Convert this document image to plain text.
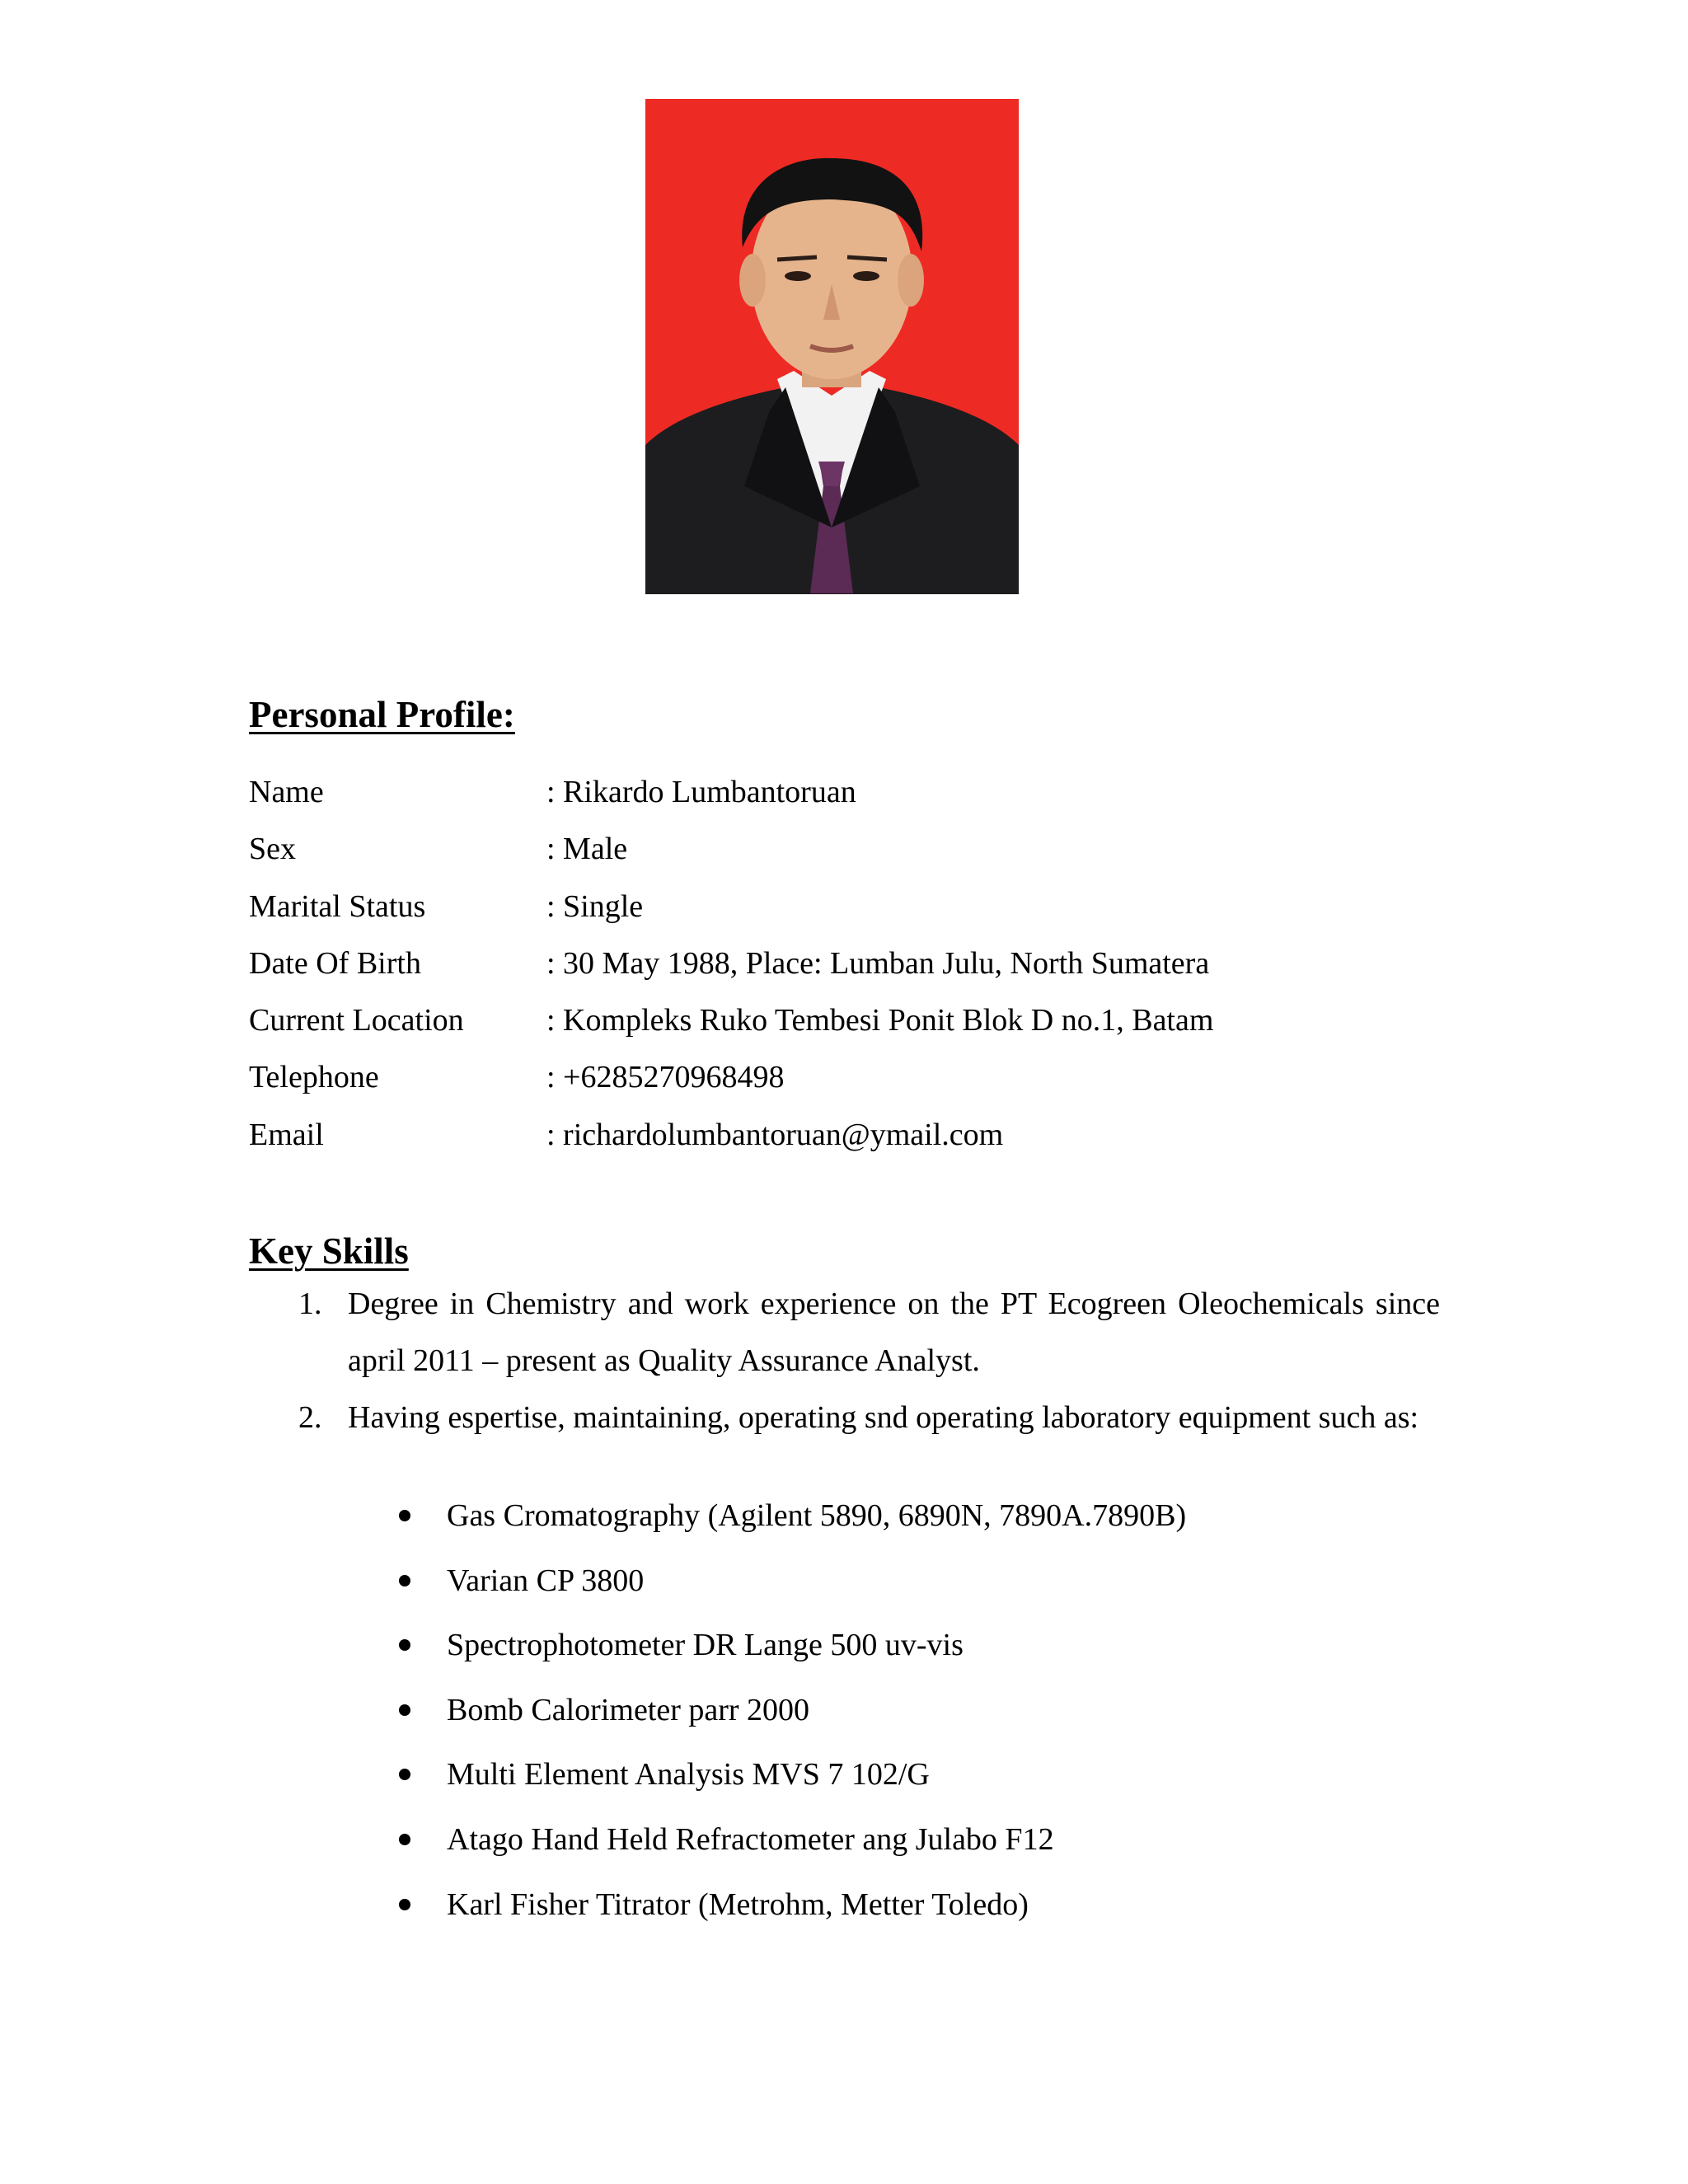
Personal Profile:
Name	: Rikardo Lumbantoruan
Sex	: Male
Marital Status	: Single
Date Of Birth	: 30 May 1988, Place: Lumban Julu, North Sumatera
Current Location	: Kompleks Ruko Tembesi Ponit Blok D no.1, Batam
Telephone	: +6285270968498
Email	: richardolumbantoruan@ymail.com
Key Skills
1. Degree in Chemistry and work experience on the PT Ecogreen Oleochemicals since april 2011 – present as Quality Assurance Analyst.
2. Having espertise, maintaining, operating snd operating laboratory equipment such as:
Gas Cromatography (Agilent 5890, 6890N, 7890A.7890B)
Varian CP 3800
Spectrophotometer DR Lange 500 uv-vis
Bomb Calorimeter parr 2000
Multi Element Analysis MVS 7 102/G
Atago Hand Held Refractometer ang Julabo F12
Karl Fisher Titrator (Metrohm, Metter Toledo)
